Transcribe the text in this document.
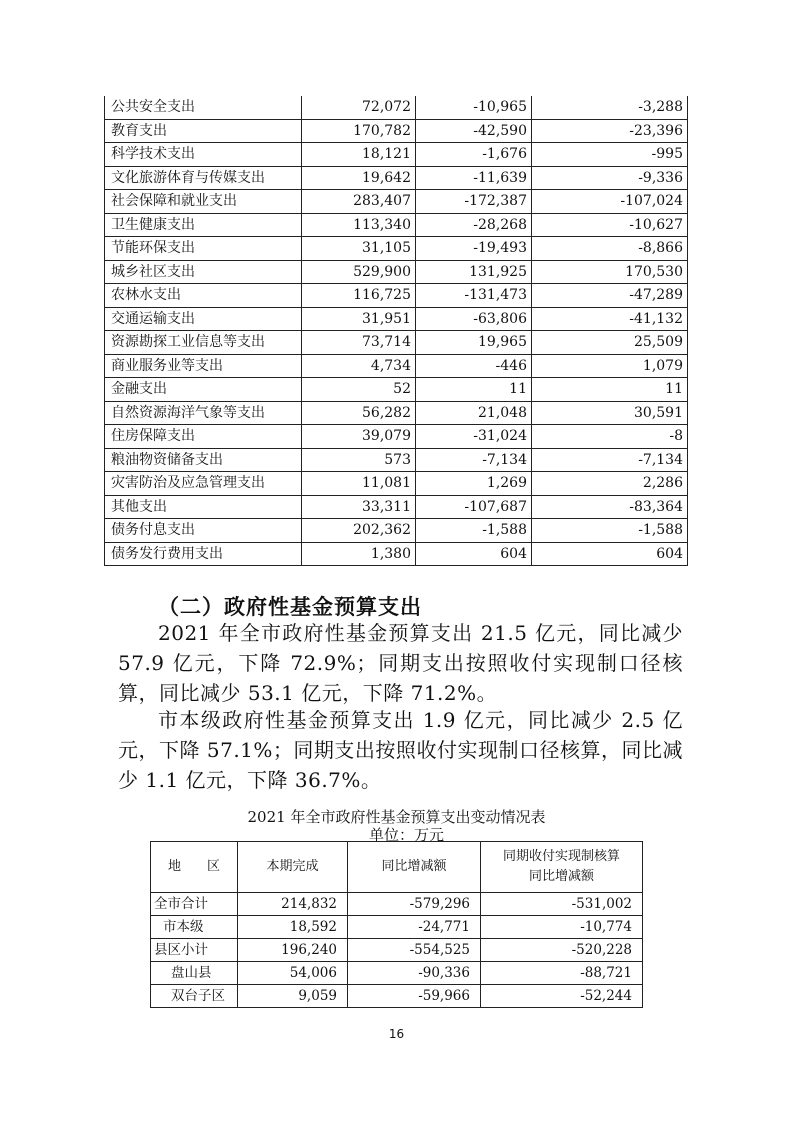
公共安全支出	72,072	-10,965	-3,288
教育支出	170,782	-42,590	-23,396
科学技术支出	18,121	-1,676	-995
文化旅游体育与传媒支出	19,642	-11,639	-9,336
社会保障和就业支出	283,407	-172,387	-107,024
卫生健康支出	113,340	-28,268	-10,627
节能环保支出	31,105	-19,493	-8,866
城乡社区支出	529,900	131,925	170,530
农林水支出	116,725	-131,473	-47,289
交通运输支出	31,951	-63,806	-41,132
资源勘探工业信息等支出	73,714	19,965	25,509
商业服务业等支出	4,734	-446	1,079
金融支出	52	11	11
自然资源海洋气象等支出	56,282	21,048	30,591
住房保障支出	39,079	-31,024	-8
粮油物资储备支出	573	-7,134	-7,134
灾害防治及应急管理支出	11,081	1,269	2,286
其他支出	33,311	-107,687	-83,364
债务付息支出	202,362	-1,588	-1,588
债务发行费用支出	1,380	604	604
（二）政府性基金预算支出

2021 年全市政府性基金预算支出 21.5 亿元，同比减少 57.9 亿元，下降 72.9%；同期支出按照收付实现制口径核算，同比减少 53.1 亿元，下降 71.2%。

市本级政府性基金预算支出 1.9 亿元，同比减少 2.5 亿元，下降 57.1%；同期支出按照收付实现制口径核算，同比减少 1.1 亿元，下降 36.7%。

2021 年全市政府性基金预算支出变动情况表
单位：万元
地　　区	本期完成	同比增减额	同期收付实现制核算
同比增减额

全市合计	214,832	-579,296	-531,002
市本级	18,592	-24,771	-10,774
县区小计	196,240	-554,525	-520,228
盘山县	54,006	-90,336	-88,721
双台子区	9,059	-59,966	-52,244
16
